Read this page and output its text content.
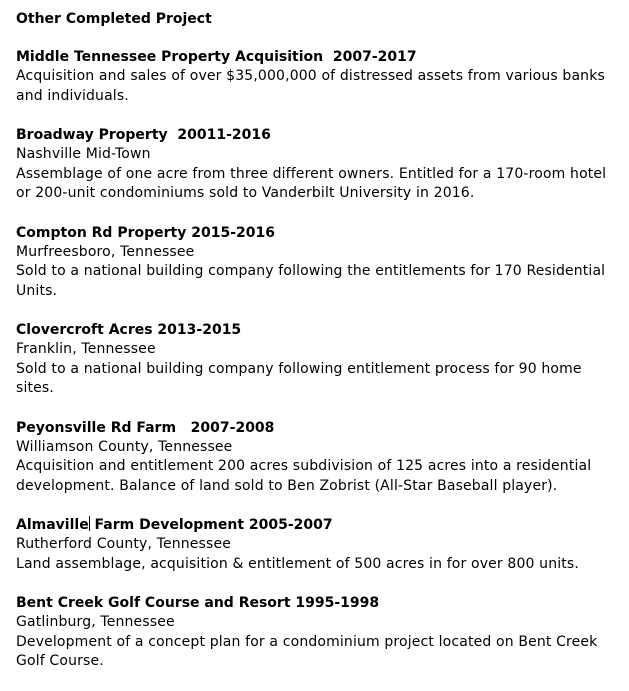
Other Completed Project
Middle Tennessee Property Acquisition  2007-2017
Acquisition and sales of over $35,000,000 of distressed assets from various banks and individuals.
Broadway Property  20011-2016
Nashville Mid-Town
Assemblage of one acre from three different owners. Entitled for a 170-room hotel or 200-unit condominiums sold to Vanderbilt University in 2016.
Compton Rd Property 2015-2016
Murfreesboro, Tennessee
Sold to a national building company following the entitlements for 170 Residential Units.
Clovercroft Acres 2013-2015
Franklin, Tennessee
Sold to a national building company following entitlement process for 90 home sites.
Peyonsville Rd Farm   2007-2008
Williamson County, Tennessee
Acquisition and entitlement 200 acres subdivision of 125 acres into a residential development. Balance of land sold to Ben Zobrist (All-Star Baseball player).
Almaville Farm Development 2005-2007
Rutherford County, Tennessee
Land assemblage, acquisition & entitlement of 500 acres in for over 800 units.
Bent Creek Golf Course and Resort 1995-1998
Gatlinburg, Tennessee
Development of a concept plan for a condominium project located on Bent Creek Golf Course.
